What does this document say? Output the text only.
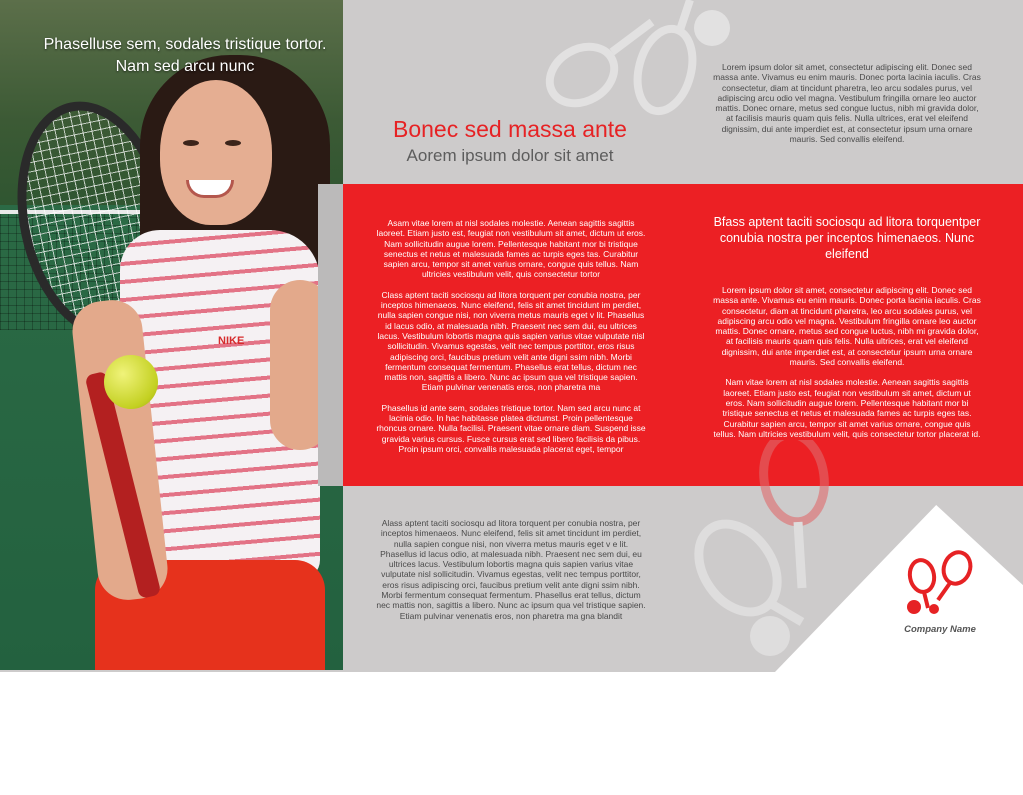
NIKE
Phaselluse sem, sodales tristique tortor. Nam sed arcu nunc
Bonec sed massa ante
Aorem ipsum dolor sit amet
Lorem ipsum dolor sit amet, consectetur adipiscing elit. Donec sed massa ante. Vivamus eu enim mauris. Donec porta lacinia iaculis. Cras consectetur, diam at tincidunt pharetra, leo arcu sodales purus, vel adipiscing arcu odio vel magna. Vestibulum fringilla ornare leo auctor mattis. Donec ornare, metus sed congue luctus, nibh mi gravida dolor, at facilisis mauris quam quis felis. Nulla ultrices, erat vel eleifend dignissim, dui ante imperdiet est, at consectetur ipsum urna ornare mauris. Sed convallis eleifend.

Asam vitae lorem at nisl sodales molestie. Aenean sagittis sagittis laoreet. Etiam justo est, feugiat non vestibulum sit amet, dictum ut eros. Nam sollicitudin augue lorem. Pellentesque habitant mor bi tristique senectus et netus et malesuada fames ac turpis eges tas. Curabitur sapien arcu, tempor sit amet varius ornare, congue quis tellus. Nam ultricies vestibulum velit, quis consectetur tortor

Class aptent taciti sociosqu ad litora torquent per conubia nostra, per inceptos himenaeos. Nunc eleifend, felis sit amet tincidunt im perdiet, nulla sapien congue nisi, non viverra metus mauris eget v lit. Phasellus id lacus odio, at malesuada nibh. Praesent nec sem dui, eu ultrices lacus. Vestibulum lobortis magna quis sapien varius vitae vulputate nisl sollicitudin. Vivamus egestas, velit nec tempus porttitor, eros risus adipiscing orci, faucibus pretium velit ante digni ssim nibh. Morbi fermentum consequat fermentum. Phasellus erat tellus, dictum nec mattis non, sagittis a libero. Nunc ac ipsum qua vel tristique sapien. Etiam pulvinar venenatis eros, non pharetra ma

Phasellus id ante sem, sodales tristique tortor. Nam sed arcu nunc at lacinia odio. In hac habitasse platea dictumst. Proin pellentesque rhoncus ornare. Nulla facilisi. Praesent vitae ornare diam. Suspend isse gravida varius cursus. Fusce cursus erat sed libero facilisis da pibus. Proin ipsum orci, convallis malesuada placerat eget, tempor

Bfass aptent taciti sociosqu ad litora torquentper conubia nostra per inceptos himenaeos. Nunc eleifend

Lorem ipsum dolor sit amet, consectetur adipiscing elit. Donec sed massa ante. Vivamus eu enim mauris. Donec porta lacinia iaculis. Cras consectetur, diam at tincidunt pharetra, leo arcu sodales purus, vel adipiscing arcu odio vel magna. Vestibulum fringilla ornare leo auctor mattis. Donec ornare, metus sed congue luctus, nibh mi gravida dolor, at facilisis mauris quam quis felis. Nulla ultrices, erat vel eleifend dignissim, dui ante imperdiet est, at consectetur ipsum urna ornare mauris. Sed convallis eleifend.

Nam vitae lorem at nisl sodales molestie. Aenean sagittis sagittis laoreet. Etiam justo est, feugiat non vestibulum sit amet, dictum ut eros. Nam sollicitudin augue lorem. Pellentesque habitant mor bi tristique senectus et netus et malesuada fames ac turpis eges tas. Curabitur sapien arcu, tempor sit amet varius ornare, congue quis tellus. Nam ultricies vestibulum velit, quis consectetur tortor placerat id.

Alass aptent taciti sociosqu ad litora torquent per conubia nostra, per inceptos himenaeos. Nunc eleifend, felis sit amet tincidunt im perdiet, nulla sapien congue nisi, non viverra metus mauris eget v e lit. Phasellus id lacus odio, at malesuada nibh. Praesent nec sem dui, eu ultrices lacus. Vestibulum lobortis magna quis sapien varius vitae vulputate nisl sollicitudin. Vivamus egestas, velit nec tempus porttitor, eros risus adipiscing orci, faucibus pretium velit ante digni ssim nibh. Morbi fermentum consequat fermentum. Phasellus erat tellus, dictum nec mattis non, sagittis a libero. Nunc ac ipsum qua vel tristique sapien. Etiam pulvinar venenatis eros, non pharetra ma gna blandit
Company Name
